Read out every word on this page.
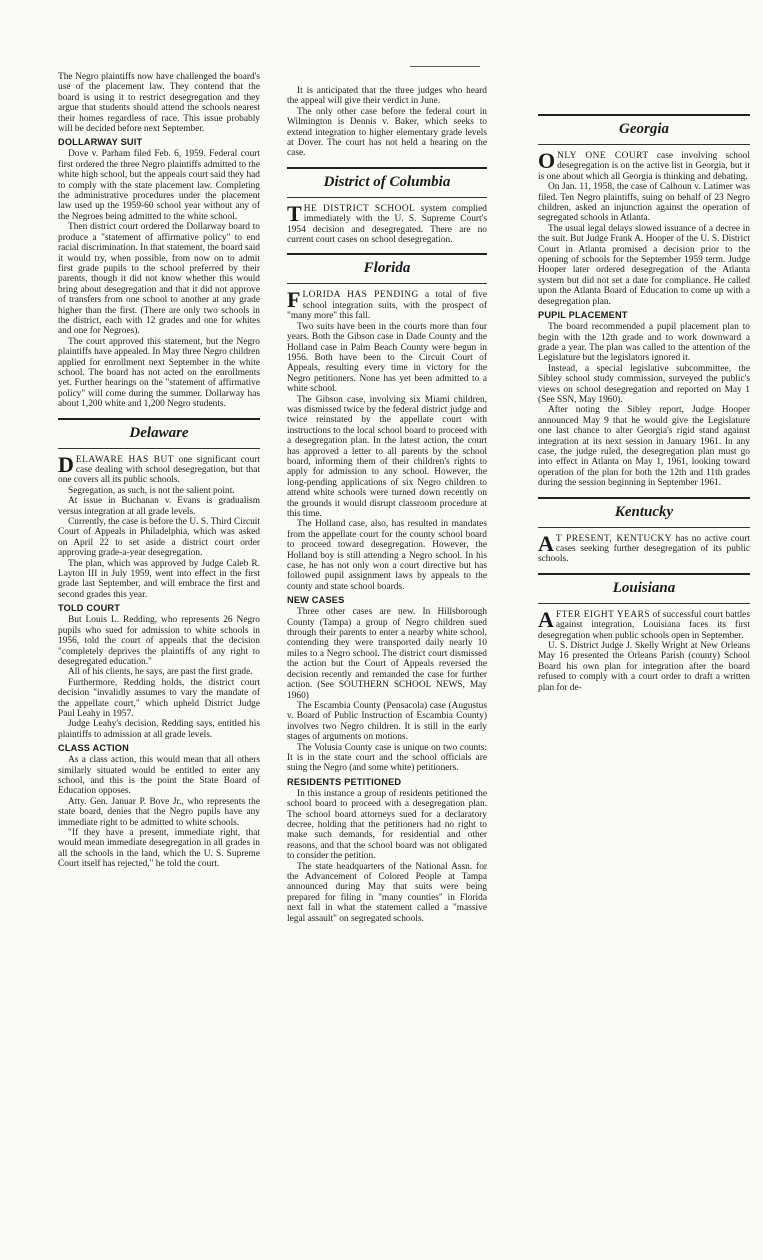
The Negro plaintiffs now have challenged the board's use of the placement law. They contend that the board is using it to restrict desegregation and they argue that students should attend the schools nearest their homes regardless of race. This issue probably will be decided before next September.

DOLLARWAY SUIT

Dove v. Parham filed Feb. 6, 1959. Federal court first ordered the three Negro plaintiffs admitted to the white high school, but the appeals court said they had to comply with the state placement law. Completing the administrative procedures under the placement law used up the 1959-60 school year without any of the Negroes being admitted to the white school.

Then district court ordered the Dollarway board to produce a "statement of affirmative policy" to end racial discrimination. In that statement, the board said it would try, when possible, from now on to admit first grade pupils to the school preferred by their parents, though it did not know whether this would bring about desegregation and that it did not approve of transfers from one school to another at any grade higher than the first. (There are only two schools in the district, each with 12 grades and one for whites and one for Negroes).

The court approved this statement, but the Negro plaintiffs have appealed. In May three Negro children applied for enrollment next September in the white school. The board has not acted on the enrollments yet. Further hearings on the "statement of affirmative policy" will come during the summer. Dollarway has about 1,200 white and 1,200 Negro students.

Delaware

DELAWARE HAS BUT one significant court case dealing with school desegregation, but that one covers all its public schools.

Segregation, as such, is not the salient point.

At issue in Buchanan v. Evans is gradualism versus integration at all grade levels.

Currently, the case is before the U. S. Third Circuit Court of Appeals in Philadelphia, which was asked on April 22 to set aside a district court order approving grade-a-year desegregation.

The plan, which was approved by Judge Caleb R. Layton III in July 1959, went into effect in the first grade last September, and will embrace the first and second grades this year.

TOLD COURT

But Louis L. Redding, who represents 26 Negro pupils who sued for admission to white schools in 1956, told the court of appeals that the decision "completely deprives the plaintiffs of any right to desegregated education."

All of his clients, he says, are past the first grade.

Furthermore, Redding holds, the district court decision "invalidly assumes to vary the mandate of the appellate court," which upheld District Judge Paul Leahy in 1957.

Judge Leahy's decision, Redding says, entitled his plaintiffs to admission at all grade levels.

CLASS ACTION

As a class action, this would mean that all others similarly situated would be entitled to enter any school, and this is the point the State Board of Education opposes.

Atty. Gen. Januar P. Bove Jr., who represents the state board, denies that the Negro pupils have any immediate right to be admitted to white schools.

"If they have a present, immediate right, that would mean immediate desegregation in all grades in all the schools in the land, which the U. S. Supreme Court itself has rejected," he told the court.

It is anticipated that the three judges who heard the appeal will give their verdict in June.

The only other case before the federal court in Wilmington is Dennis v. Baker, which seeks to extend integration to higher elementary grade levels at Dover. The court has not held a hearing on the case.

District of Columbia

THE DISTRICT SCHOOL system complied immediately with the U. S. Supreme Court's 1954 decision and desegregated. There are no current court cases on school desegregation.

Florida

FLORIDA HAS PENDING a total of five school integration suits, with the prospect of "many more" this fall.

Two suits have been in the courts more than four years. Both the Gibson case in Dade County and the Holland case in Palm Beach County were begun in 1956. Both have been to the Circuit Court of Appeals, resulting every time in victory for the Negro petitioners. None has yet been admitted to a white school.

The Gibson case, involving six Miami children, was dismissed twice by the federal district judge and twice reinstated by the appellate court with instructions to the local school board to proceed with a desegregation plan. In the latest action, the court has approved a letter to all parents by the school board, informing them of their children's rights to apply for admission to any school. However, the long-pending applications of six Negro children to attend white schools were turned down recently on the grounds it would disrupt classroom procedure at this time.

The Holland case, also, has resulted in mandates from the appellate court for the county school board to proceed toward desegregation. However, the Holland boy is still attending a Negro school. In his case, he has not only won a court directive but has followed pupil assignment laws by appeals to the county and state school boards.

NEW CASES

Three other cases are new. In Hillsborough County (Tampa) a group of Negro children sued through their parents to enter a nearby white school, contending they were transported daily nearly 10 miles to a Negro school. The district court dismissed the action but the Court of Appeals reversed the decision recently and remanded the case for further action. (See SOUTHERN SCHOOL NEWS, May 1960)

The Escambia County (Pensacola) case (Augustus v. Board of Public Instruction of Escambia County) involves two Negro children. It is still in the early stages of arguments on motions.

The Volusia County case is unique on two counts: It is in the state court and the school officials are suing the Negro (and some white) petitioners.

RESIDENTS PETITIONED

In this instance a group of residents petitioned the school board to proceed with a desegregation plan. The school board attorneys sued for a declaratory decree, holding that the petitioners had no right to make such demands, for residential and other reasons, and that the school board was not obligated to consider the petition.

The state headquarters of the National Assn. for the Advancement of Colored People at Tampa announced during May that suits were being prepared for filing in "many counties" in Florida next fall in what the statement called a "massive legal assault" on segregated schools.

Georgia

ONLY ONE COURT case involving school desegregation is on the active list in Georgia, but it is one about which all Georgia is thinking and debating.

On Jan. 11, 1958, the case of Calhoun v. Latimer was filed. Ten Negro plaintiffs, suing on behalf of 23 Negro children, asked an injunction against the operation of segregated schools in Atlanta.

The usual legal delays slowed issuance of a decree in the suit. But Judge Frank A. Hooper of the U. S. District Court in Atlanta promised a decision prior to the opening of schools for the September 1959 term. Judge Hooper later ordered desegregation of the Atlanta system but did not set a date for compliance. He called upon the Atlanta Board of Education to come up with a desegregation plan.

PUPIL PLACEMENT

The board recommended a pupil placement plan to begin with the 12th grade and to work downward a grade a year. The plan was called to the attention of the Legislature but the legislators ignored it.

Instead, a special legislative subcommittee, the Sibley school study commission, surveyed the public's views on school desegregation and reported on May 1 (See SSN, May 1960).

After noting the Sibley report, Judge Hooper announced May 9 that he would give the Legislature one last chance to alter Georgia's rigid stand against integration at its next session in January 1961. In any case, the judge ruled, the desegregation plan must go into effect in Atlanta on May 1, 1961, looking toward operation of the plan for both the 12th and 11th grades during the session beginning in September 1961.

Kentucky

A T PRESENT, KENTUCKY has no active court cases seeking further desegregation of its public schools.

Louisiana

AFTER EIGHT YEARS of successful court battles against integration, Louisiana faces its first desegregation when public schools open in September.

U. S. District Judge J. Skelly Wright at New Orleans May 16 presented the Orleans Parish (county) School Board his own plan for integration after the board refused to comply with a court order to draft a written plan for de-
